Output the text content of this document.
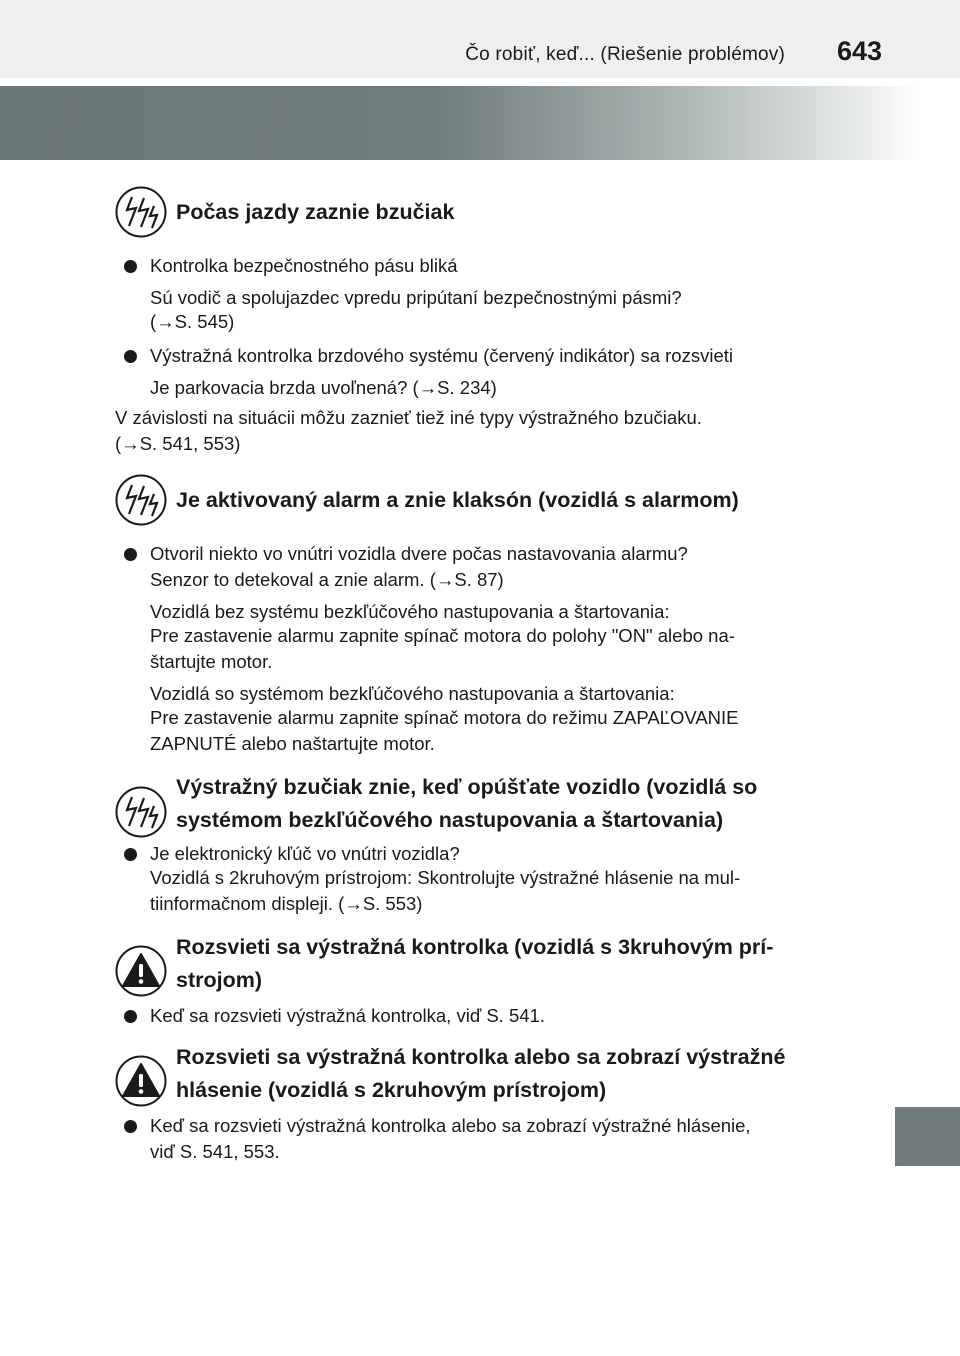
Čo robiť, keď... (Riešenie problémov) 643
Počas jazdy zaznie bzučiak
Kontrolka bezpečnostného pásu bliká
Sú vodič a spolujazdec vpredu pripútaní bezpečnostnými pásmi?
(→S. 545)
Výstražná kontrolka brzdového systému (červený indikátor) sa rozsvieti
Je parkovacia brzda uvoľnená? (→S. 234)
V závislosti na situácii môžu zaznieť tiež iné typy výstražného bzučiaku.
(→S. 541, 553)
Je aktivovaný alarm a znie klaksón (vozidlá s alarmom)
Otvoril niekto vo vnútri vozidla dvere počas nastavovania alarmu?
Senzor to detekoval a znie alarm. (→S. 87)
Vozidlá bez systému bezkľúčového nastupovania a štartovania:
Pre zastavenie alarmu zapnite spínač motora do polohy "ON" alebo na-
štartujte motor.
Vozidlá so systémom bezkľúčového nastupovania a štartovania:
Pre zastavenie alarmu zapnite spínač motora do režimu ZAPAĽOVANIE
ZAPNUTÉ alebo naštartujte motor.
Výstražný bzučiak znie, keď opúšťate vozidlo (vozidlá so
systémom bezkľúčového nastupovania a štartovania)
Je elektronický kľúč vo vnútri vozidla?
Vozidlá s 2kruhovým prístrojom: Skontrolujte výstražné hlásenie na mul-
tiinformačnom displeji. (→S. 553)
Rozsvieti sa výstražná kontrolka (vozidlá s 3kruhovým prí-
strojom)
Keď sa rozsvieti výstražná kontrolka, viď S. 541.
Rozsvieti sa výstražná kontrolka alebo sa zobrazí výstražné
hlásenie (vozidlá s 2kruhovým prístrojom)
Keď sa rozsvieti výstražná kontrolka alebo sa zobrazí výstražné hlásenie,
viď S. 541, 553.
